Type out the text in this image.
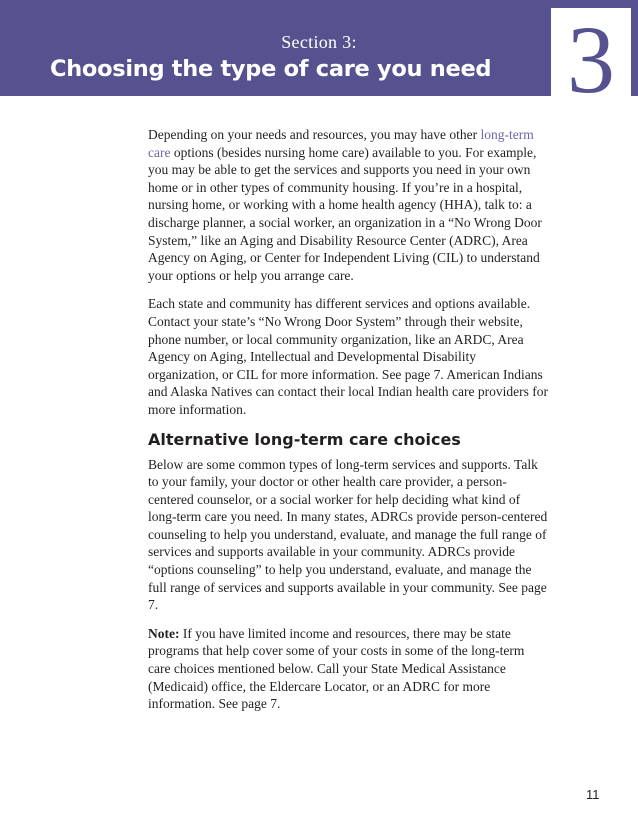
Section 3:
Choosing the type of care you need 3

Depending on your needs and resources, you may have other long-term care options (besides nursing home care) available to you. For example, you may be able to get the services and supports you need in your own home or in other types of community housing. If you’re in a hospital, nursing home, or working with a home health agency (HHA), talk to: a discharge planner, a social worker, an organization in a “No Wrong Door System,” like an Aging and Disability Resource Center (ADRC), Area Agency on Aging, or Center for Independent Living (CIL) to understand your options or help you arrange care.

Each state and community has different services and options available. Contact your state’s “No Wrong Door System” through their website, phone number, or local community organization, like an ARDC, Area Agency on Aging, Intellectual and Developmental Disability organization, or CIL for more information. See page 7. American Indians and Alaska Natives can contact their local Indian health care providers for more information.

Alternative long-term care choices

Below are some common types of long-term services and supports. Talk to your family, your doctor or other health care provider, a person-centered counselor, or a social worker for help deciding what kind of long-term care you need. In many states, ADRCs provide person-centered counseling to help you understand, evaluate, and manage the full range of services and supports available in your community. ADRCs provide “options counseling” to help you understand, evaluate, and manage the full range of services and supports available in your community. See page 7.

Note: If you have limited income and resources, there may be state programs that help cover some of your costs in some of the long-term care choices mentioned below. Call your State Medical Assistance (Medicaid) office, the Eldercare Locator, or an ADRC for more information. See page 7.

11
